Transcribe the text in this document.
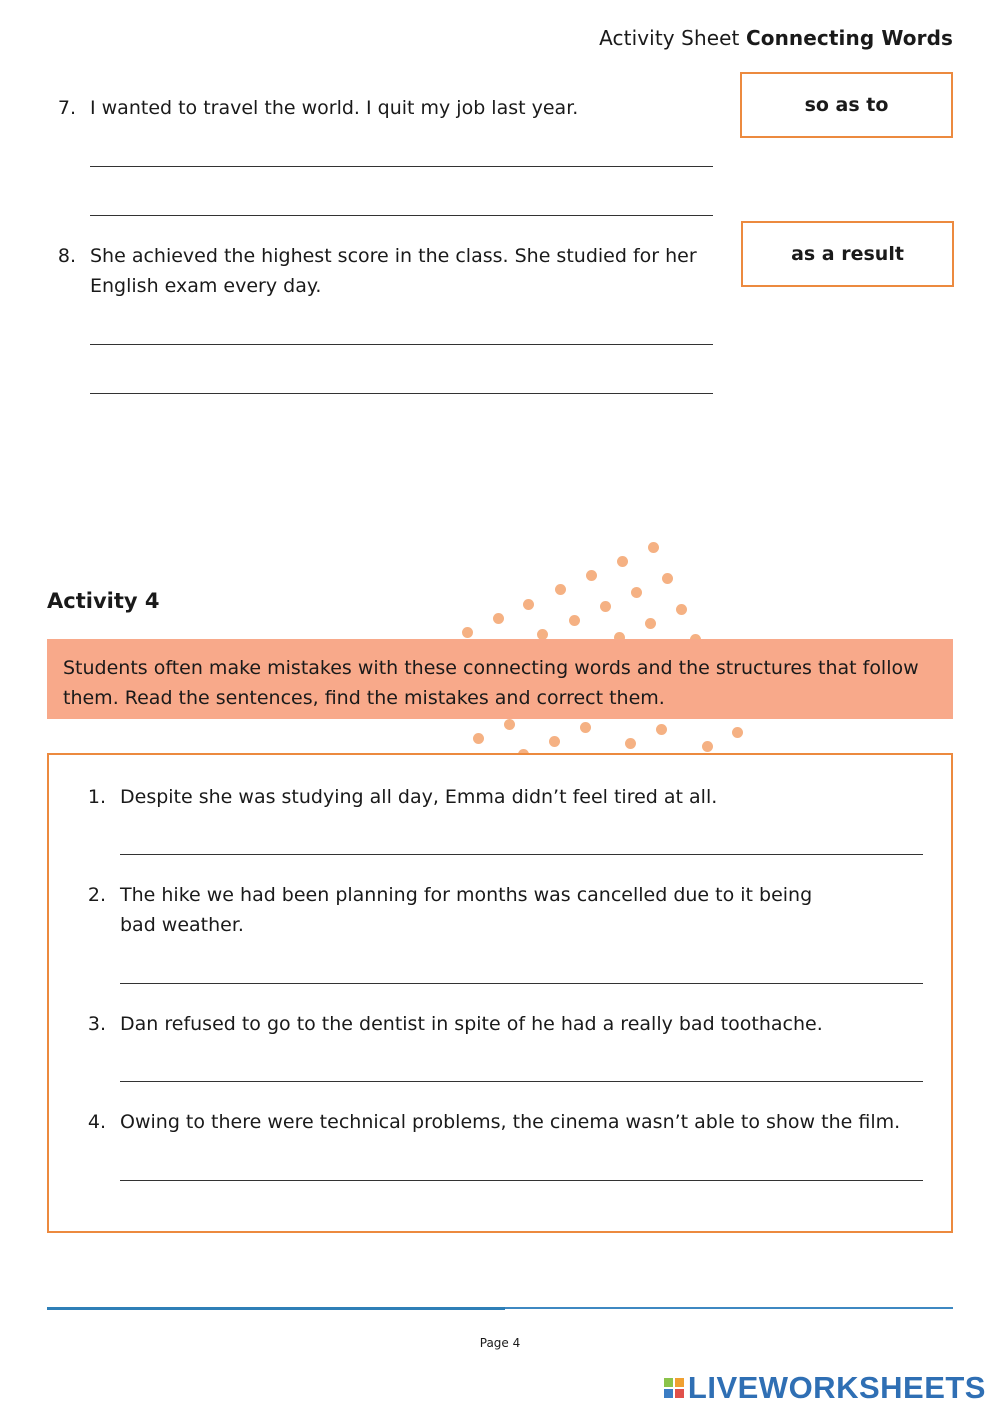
Activity Sheet Connecting Words
7. I wanted to travel the world. I quit my job last year.	so as to
8. She achieved the highest score in the class. She studied for her
English exam every day.
as a result
Activity 4
Students often make mistakes with these connecting words and the structures that follow
them. Read the sentences, find the mistakes and correct them.
1. Despite she was studying all day, Emma didn’t feel tired at all.
2. The hike we had been planning for months was cancelled due to it being
bad weather.
3. Dan refused to go to the dentist in spite of he had a really bad toothache.
4. Owing to there were technical problems, the cinema wasn’t able to show the film.
Page 4
LIVEWORKSHEETS
